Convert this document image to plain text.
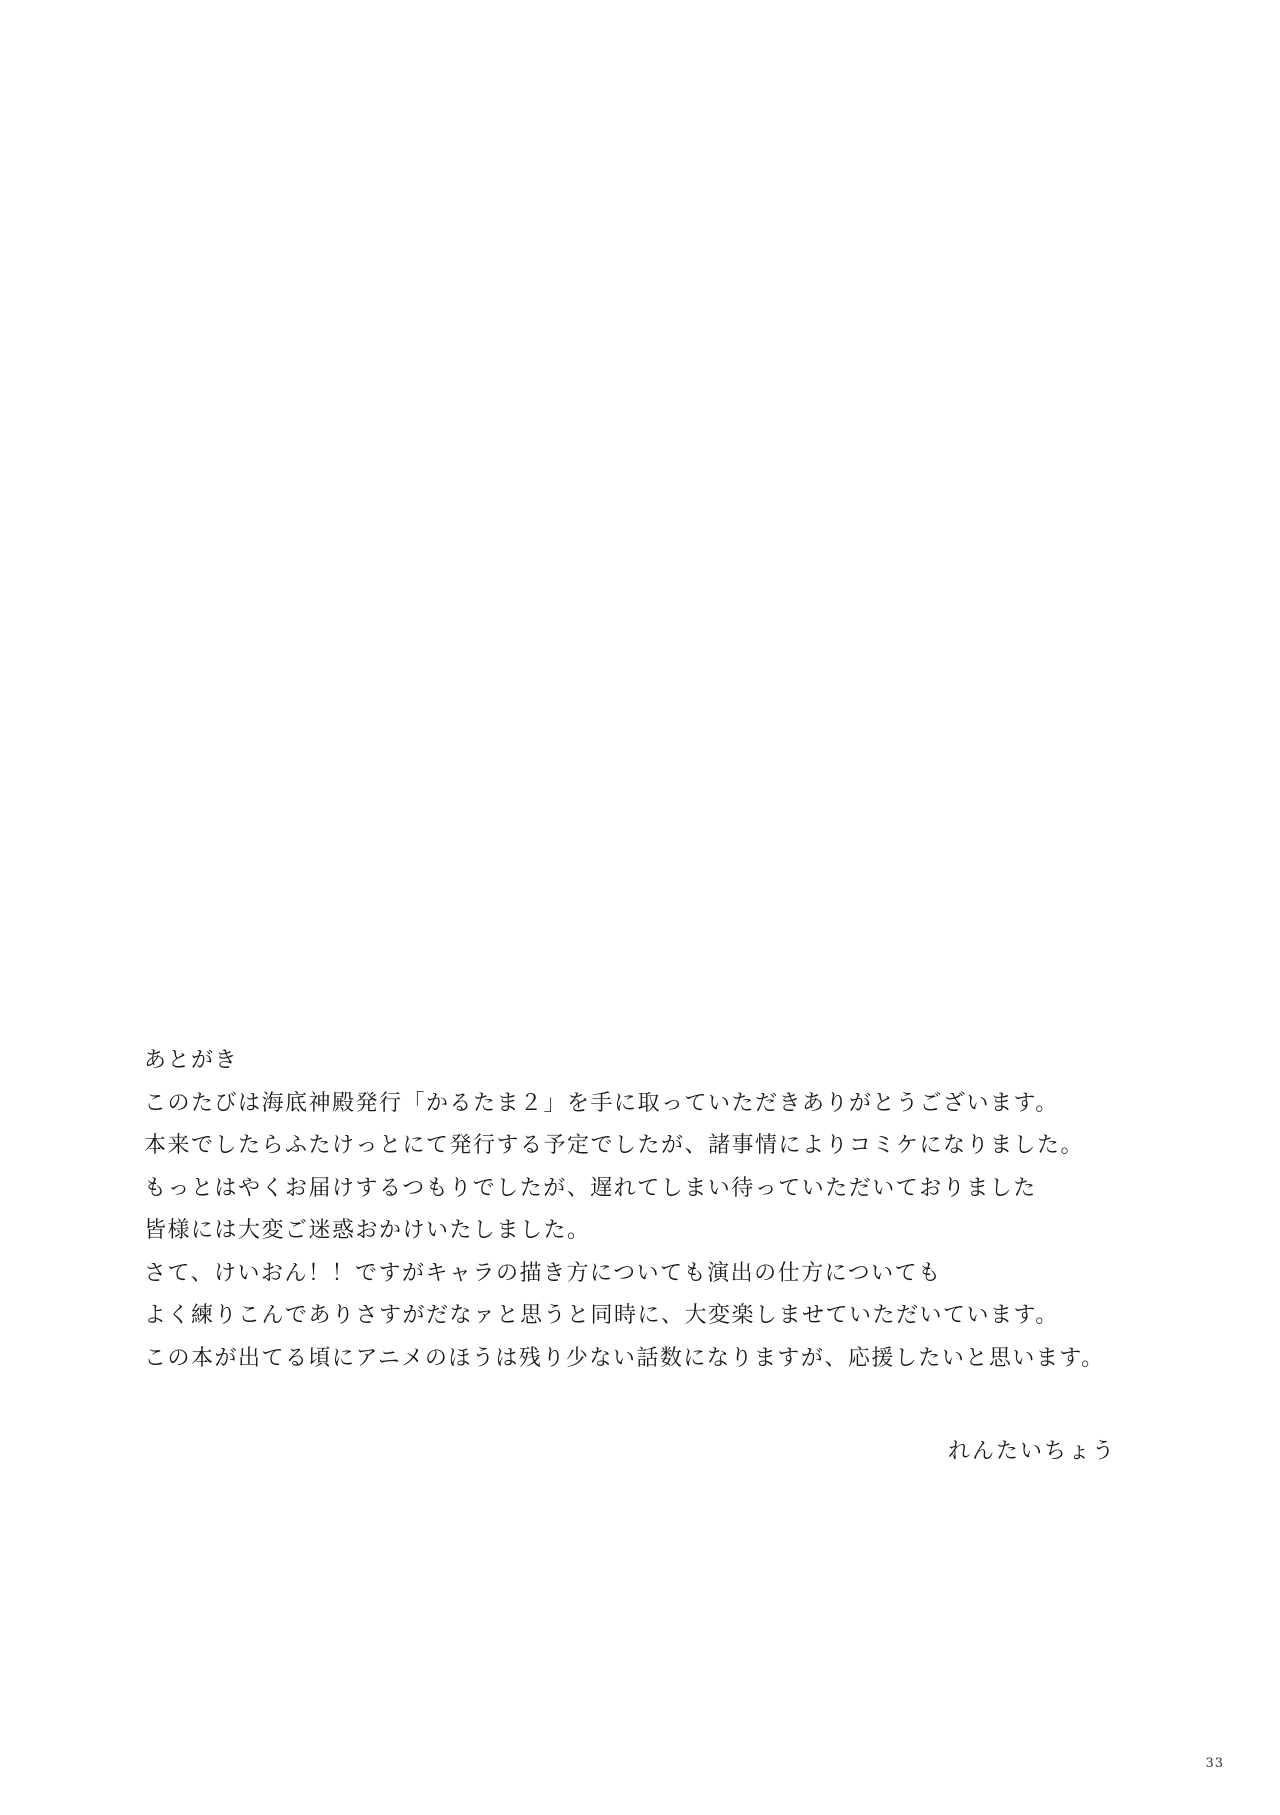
あとがき

このたびは海底神殿発行「かるたま２」を手に取っていただきありがとうございます。

本来でしたらふたけっとにて発行する予定でしたが、諸事情によりコミケになりました。

もっとはやくお届けするつもりでしたが、遅れてしまい待っていただいておりました

皆様には大変ご迷惑おかけいたしました。

さて、けいおん！！ですがキャラの描き方についても演出の仕方についても

よく練りこんでありさすがだなァと思うと同時に、大変楽しませていただいています。

この本が出てる頃にアニメのほうは残り少ない話数になりますが、応援したいと思います。

れんたいちょう
33
